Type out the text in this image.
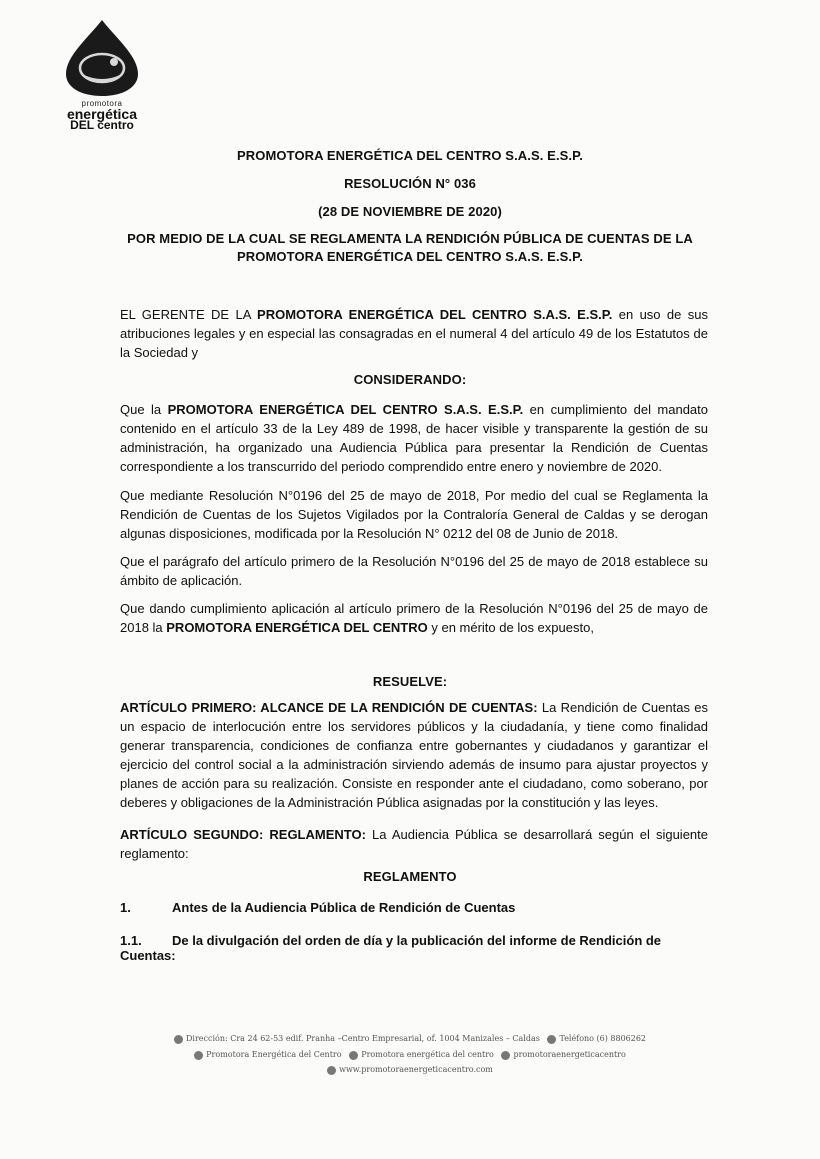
promotora
energética
DEL centro
PROMOTORA ENERGÉTICA DEL CENTRO S.A.S. E.S.P.
RESOLUCIÓN N° 036
(28 DE NOVIEMBRE DE 2020)
POR MEDIO DE LA CUAL SE REGLAMENTA LA RENDICIÓN PÚBLICA DE CUENTAS DE LA
PROMOTORA ENERGÉTICA DEL CENTRO S.A.S. E.S.P.
EL GERENTE DE LA PROMOTORA ENERGÉTICA DEL CENTRO S.A.S. E.S.P. en uso de sus atribuciones legales y en especial las consagradas en el numeral 4 del artículo 49 de los Estatutos de la Sociedad y
CONSIDERANDO:
Que la PROMOTORA ENERGÉTICA DEL CENTRO S.A.S. E.S.P. en cumplimiento del mandato contenido en el artículo 33 de la Ley 489 de 1998, de hacer visible y transparente la gestión de su administración, ha organizado una Audiencia Pública para presentar la Rendición de Cuentas correspondiente a los transcurrido del periodo comprendido entre enero y noviembre de 2020.
Que mediante Resolución N°0196 del 25 de mayo de 2018, Por medio del cual se Reglamenta la Rendición de Cuentas de los Sujetos Vigilados por la Contraloría General de Caldas y se derogan algunas disposiciones, modificada por la Resolución N° 0212 del 08 de Junio de 2018.
Que el parágrafo del artículo primero de la Resolución N°0196 del 25 de mayo de 2018 establece su ámbito de aplicación.
Que dando cumplimiento aplicación al artículo primero de la Resolución N°0196 del 25 de mayo de 2018 la PROMOTORA ENERGÉTICA DEL CENTRO y en mérito de los expuesto,
RESUELVE:
ARTÍCULO PRIMERO: ALCANCE DE LA RENDICIÓN DE CUENTAS: La Rendición de Cuentas es un espacio de interlocución entre los servidores públicos y la ciudadanía, y tiene como finalidad generar transparencia, condiciones de confianza entre gobernantes y ciudadanos y garantizar el ejercicio del control social a la administración sirviendo además de insumo para ajustar proyectos y planes de acción para su realización. Consiste en responder ante el ciudadano, como soberano, por deberes y obligaciones de la Administración Pública asignadas por la constitución y las leyes.
ARTÍCULO SEGUNDO: REGLAMENTO: La Audiencia Pública se desarrollará según el siguiente reglamento:
REGLAMENTO
1.	Antes de la Audiencia Pública de Rendición de Cuentas
1.1. De la divulgación del orden de día y la publicación del informe de Rendición de Cuentas:
Dirección: Cra 24 62-53 edif. Pranha –Centro Empresarial, of. 1004 Manizales – Caldas Teléfono (6) 8806262
Promotora Energética del Centro Promotora energética del centro promotoraenergeticacentro
www.promotoraenergeticacentro.com
